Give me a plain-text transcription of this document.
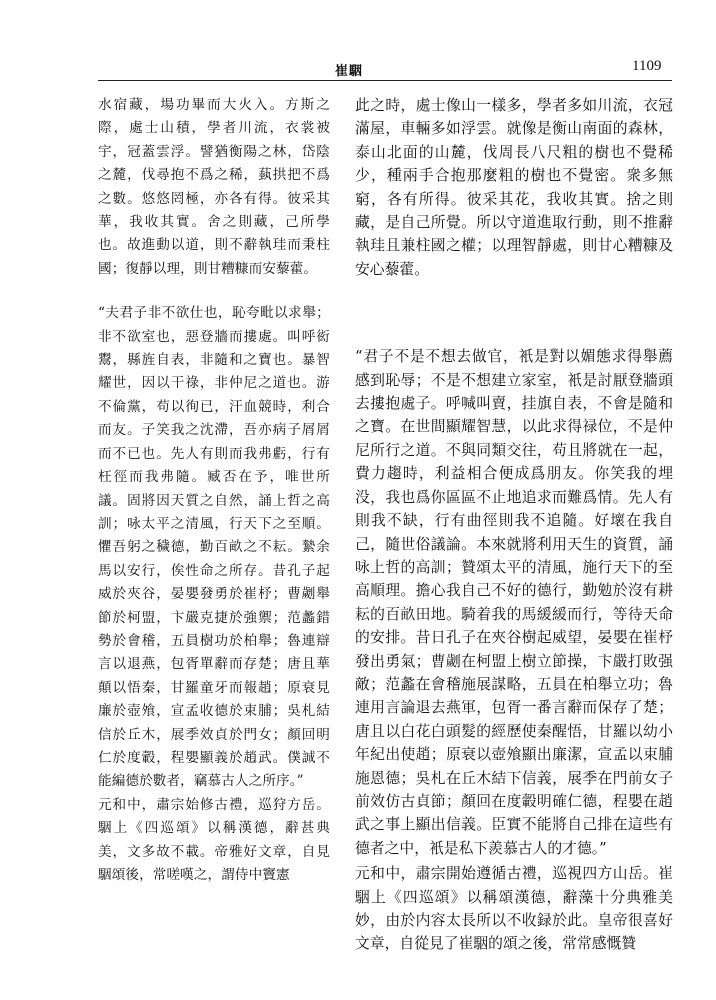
崔駰	1109

水宿藏，場功畢而大火入。方斯之際，處士山積，學者川流，衣裳被宇，冠蓋雲浮。譬猶衡陽之林，岱陰之麓，伐尋抱不爲之稀，蓺拱把不爲之數。悠悠罔極，亦各有得。彼采其華，我收其實。舍之則藏，己所學也。故進動以道，則不辭執珪而秉柱國；復靜以理，則甘糟糠而安藜藿。

“夫君子非不欲仕也，恥夸毗以求舉；非不欲室也，惡登牆而摟處。叫呼衒鬻，縣旌自表，非隨和之寶也。暴智耀世，因以干祿，非仲尼之道也。游不倫黨，苟以徇已，汗血競時，利合而友。子笑我之沈滯，吾亦病子屑屑而不已也。先人有則而我弗虧，行有枉徑而我弗隨。臧否在予，唯世所議。固將因天質之自然，誦上哲之高訓；咏太平之清風，行天下之至順。懼吾躬之穢德，勤百畝之不耘。縶余馬以安行，俟性命之所存。昔孔子起威於夾谷，晏嬰發勇於崔杼；曹劌舉節於柯盟，卞嚴克捷於強禦；范蠡錯勢於會稽，五員樹功於柏舉；魯連辯言以退燕，包胥單辭而存楚；唐且華顛以悟秦，甘羅童牙而報趙；原衰見廉於壺飧，宣孟收德於束脯；吳札結信於丘木，展季效貞於門女；顏回明仁於度轂，程嬰顯義於趙武。僕誠不能編德於數者，竊慕古人之所序。”

元和中，肅宗始修古禮，巡狩方岳。駰上《四巡頌》以稱漢德，辭甚典美，文多故不載。帝雅好文章，自見駰頌後，常嗟嘆之，謂侍中竇憲

此之時，處士像山一樣多，學者多如川流，衣冠滿屋，車輛多如浮雲。就像是衡山南面的森林，泰山北面的山麓，伐周長八尺粗的樹也不覺稀少，種兩手合抱那麼粗的樹也不覺密。衆多無窮，各有所得。彼采其花，我收其實。捨之則藏，是自己所覺。所以守道進取行動，則不推辭執珪且兼柱國之權；以理智靜處，則甘心糟糠及安心藜藿。

“君子不是不想去做官，衹是對以媚態求得舉薦感到恥辱；不是不想建立家室，衹是討厭登牆頭去摟抱處子。呼喊叫賣，挂旗自表，不會是隨和之寶。在世間顯耀智慧，以此求得禄位，不是仲尼所行之道。不與同類交往，苟且將就在一起，費力趨時，利益相合便成爲朋友。你笑我的埋没，我也爲你區區不止地追求而難爲情。先人有則我不缺，行有曲徑則我不追隨。好壞在我自己，隨世俗議論。本來就將利用天生的資質，誦咏上哲的高訓；贊頌太平的清風，施行天下的至高順理。擔心我自己不好的德行，勤勉於沒有耕耘的百畝田地。騎着我的馬緩緩而行，等待天命的安排。昔日孔子在夾谷樹起威望，晏嬰在崔杼發出勇氣；曹劌在柯盟上樹立節操，卞嚴打敗强敵；范蠡在會稽施展謀略，五員在柏舉立功；魯連用言論退去燕軍，包胥一番言辭而保存了楚；唐且以白花白頭髮的經歷使秦醒悟，甘羅以幼小年紀出使趙；原衰以壺飧顯出廉潔，宣孟以束脯施恩德；吳札在丘木結下信義，展季在門前女子前效仿古貞節；顏回在度轂明確仁德，程嬰在趙武之事上顯出信義。臣實不能將自己排在這些有德者之中，衹是私下羨慕古人的才德。”

元和中，肅宗開始遵循古禮，巡視四方山岳。崔駰上《四巡頌》以稱頌漢德，辭藻十分典雅美妙，由於内容太長所以不收録於此。皇帝很喜好文章，自從見了崔駰的頌之後，常常感慨贊
